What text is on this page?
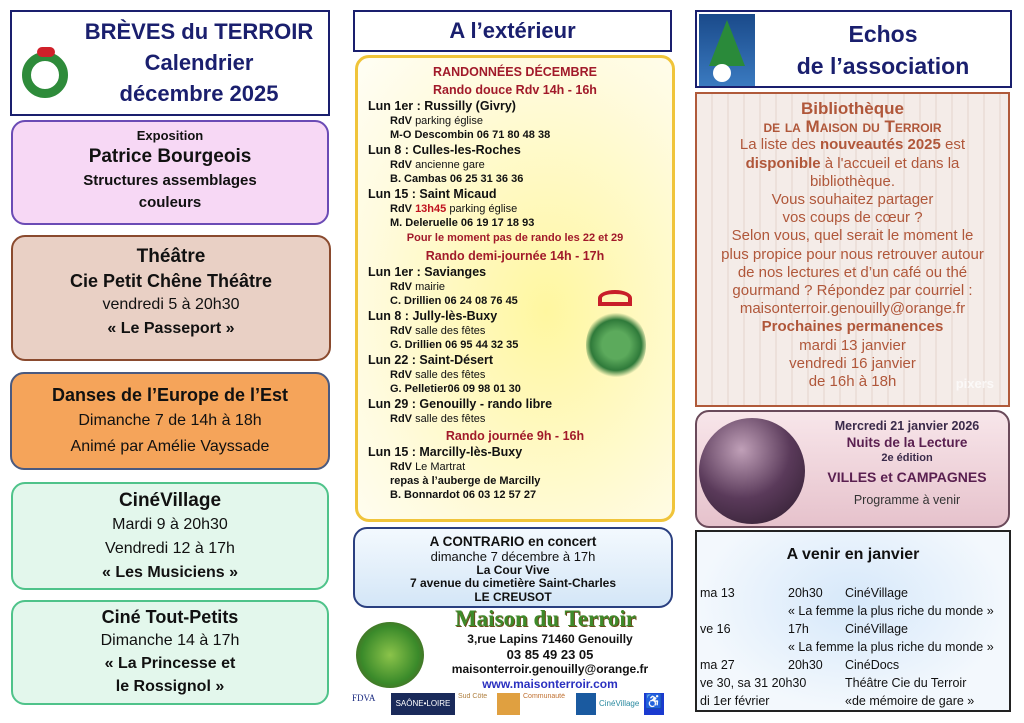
BRÈVES du TERROIR
Calendrier
décembre 2025
Exposition
Patrice Bourgeois
Structures assemblages
couleurs
Théâtre
Cie Petit Chêne Théâtre
vendredi 5 à 20h30
« Le Passeport »
Danses de l’Europe de l’Est
Dimanche 7 de 14h à 18h
Animé par Amélie Vayssade
CinéVillage
Mardi 9 à 20h30
Vendredi 12 à 17h
« Les Musiciens »
Ciné Tout-Petits
Dimanche 14 à 17h
« La Princesse et
le Rossignol »
A l’extérieur
RANDONNÉES DÉCEMBRE
Rando douce Rdv 14h - 16h
Lun 1er : Russilly (Givry)
RdV parking église
M-O Descombin 06 71 80 48 38
Lun 8 : Culles-les-Roches
RdV ancienne gare
B. Cambas 06 25 31 36 36
Lun 15 : Saint Micaud
RdV 13h45 parking église
M. Deleruelle 06 19 17 18 93
Pour le moment pas de rando les 22 et 29
Rando demi-journée 14h - 17h
Lun 1er : Savianges
RdV mairie
C. Drillien 06 24 08 76 45
Lun 8 : Jully-lès-Buxy
RdV salle des fêtes
G. Drillien 06 95 44 32 35
Lun 22 : Saint-Désert
RdV salle des fêtes
G. Pelletier06 09 98 01 30
Lun 29 : Genouilly - rando libre
RdV salle des fêtes
Rando journée 9h - 16h
Lun 15 : Marcilly-lès-Buxy
RdV Le Martrat
repas à l’auberge de Marcilly
B. Bonnardot 06 03 12 57 27
A CONTRARIO en concert
dimanche 7 décembre à 17h
La Cour Vive
7 avenue du cimetière Saint-Charles
LE CREUSOT
Maison du Terroir
3,rue Lapins 71460 Genouilly
03 85 49 23 05
maisonterroir.genouilly@orange.fr
www.maisonterroir.com
FDVA
SAÔNE•LOIRE
Sud Côte	Communauté
CinéVillage ♿
Echos
de l’association
Bibliothèque
de la Maison du Terroir
La liste des nouveautés 2025 est
disponible à l'accueil et dans la
bibliothèque.
Vous souhaitez partager
vos coups de cœur ?
Selon vous, quel serait le moment le
plus propice pour nous retrouver autour
de nos lectures et d’un café ou thé
gourmand ? Répondez par courriel :
maisonterroir.genouilly@orange.fr
Prochaines permanences
mardi 13 janvier
vendredi 16 janvier
de 16h à 18h	pixers
Mercredi 21 janvier 2026
Nuits de la Lecture
2e édition
VILLES et CAMPAGNES
Programme à venir
A venir en janvier
ma 13	20h30 CinéVillage
« La femme la plus riche du monde »
ve 16	17h	CinéVillage
« La femme la plus riche du monde »
ma 27	20h30 CinéDocs
ve 30, sa 31 20h30	Théâtre Cie du Terroir
di 1er février	«de mémoire de gare »
